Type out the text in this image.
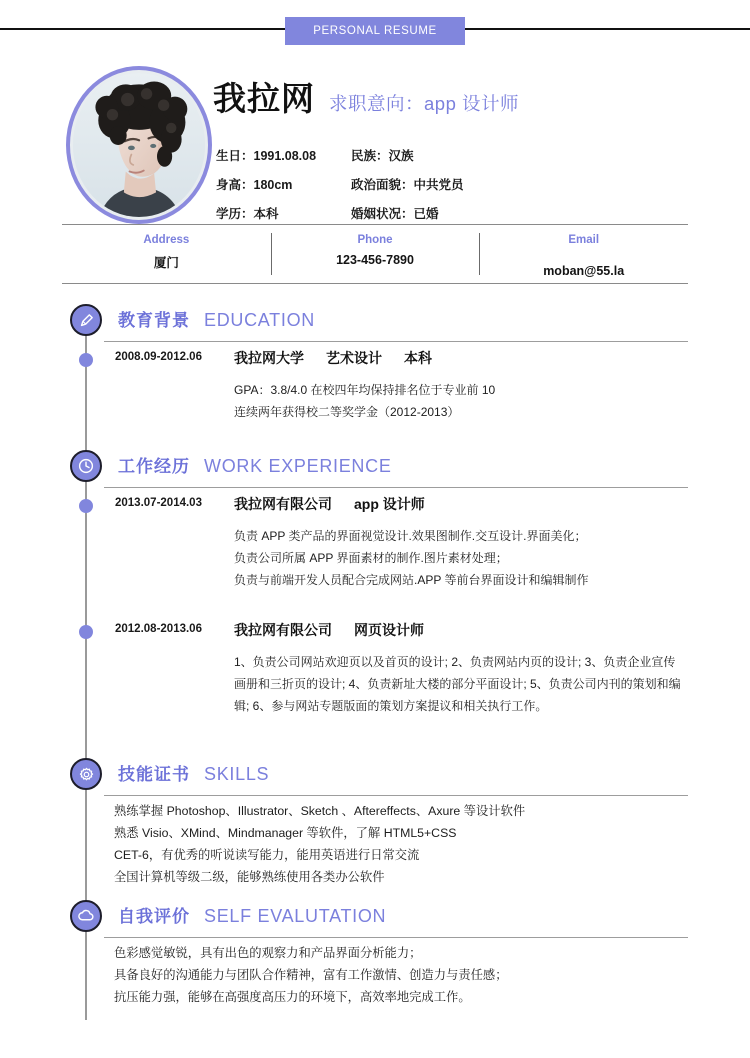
PERSONAL RESUME
我拉网 求职意向：app 设计师
生日：1991.08.08	民族：汉族
身高：180cm	政治面貌：中共党员
学历：本科	婚姻状况：已婚
Address
厦门
Phone
123-456-7890
Email
moban@55.la
教育背景 EDUCATION
2008.09-2012.06 我拉网大学 艺术设计 本科
GPA：3.8/4.0 在校四年均保持排名位于专业前 10
连续两年获得校二等奖学金（2012-2013）
工作经历 WORK EXPERIENCE
2013.07-2014.03 我拉网有限公司 app 设计师
负责 APP 类产品的界面视觉设计.效果图制作.交互设计.界面美化；
负责公司所属 APP 界面素材的制作.图片素材处理；
负责与前端开发人员配合完成网站.APP 等前台界面设计和编辑制作
2012.08-2013.06 我拉网有限公司 网页设计师
1、负责公司网站欢迎页以及首页的设计; 2、负责网站内页的设计; 3、负责企业宣传画册和三折页的设计; 4、负责新址大楼的部分平面设计; 5、负责公司内刊的策划和编辑; 6、参与网站专题版面的策划方案提议和相关执行工作。
技能证书 SKILLS
熟练掌握 Photoshop、Illustrator、Sketch 、Aftereffects、Axure 等设计软件
熟悉 Visio、XMind、Mindmanager 等软件，了解 HTML5+CSS
CET-6，有优秀的听说读写能力，能用英语进行日常交流
全国计算机等级二级，能够熟练使用各类办公软件
自我评价 SELF EVALUTATION
色彩感觉敏锐，具有出色的观察力和产品界面分析能力；
具备良好的沟通能力与团队合作精神，富有工作激情、创造力与责任感；
抗压能力强，能够在高强度高压力的环境下，高效率地完成工作。
